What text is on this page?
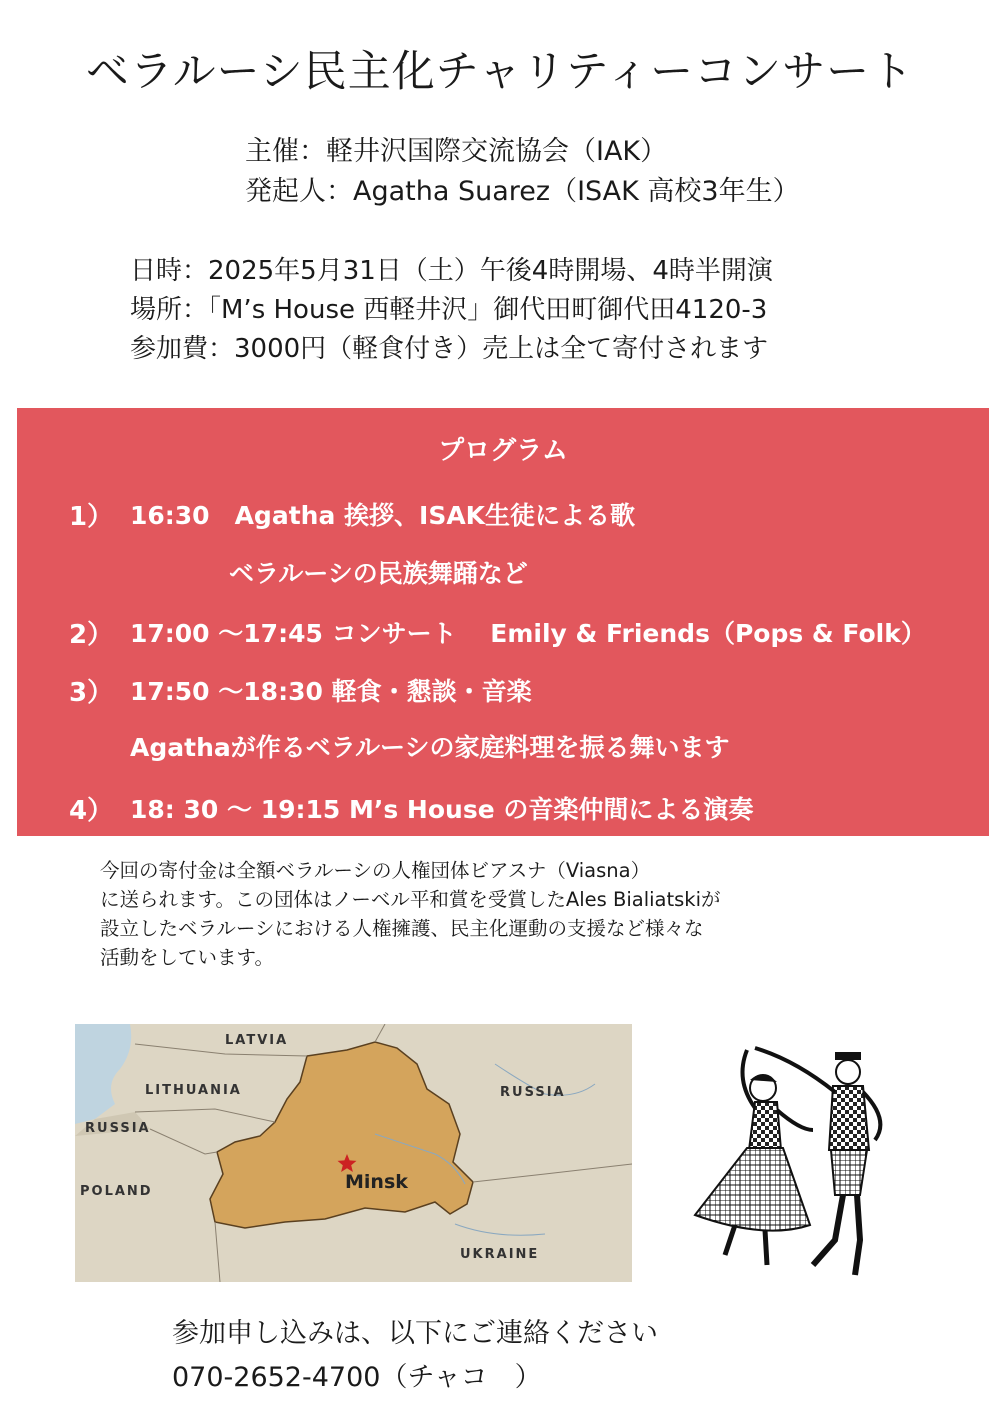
ベラルーシ民主化チャリティーコンサート
主催：軽井沢国際交流協会（IAK）
発起人：Agatha Suarez（ISAK 高校3年生）
日時：2025年5月31日（土）午後4時開場、4時半開演
場所：「M’s House 西軽井沢」御代田町御代田4120-3
参加費：3000円（軽食付き）売上は全て寄付されます
プログラム
1） 16:30　Agatha 挨拶、ISAK生徒による歌
ベラルーシの民族舞踊など
2） 17:00 ～17:45 コンサート　 Emily & Friends（Pops & Folk）
3） 17:50 ～18:30 軽食・懇談・音楽
Agathaが作るベラルーシの家庭料理を振る舞います
4） 18: 30 ～ 19:15 M’s House の音楽仲間による演奏
今回の寄付金は全額ベラルーシの人権団体ビアスナ（Viasna）
に送られます。この団体はノーベル平和賞を受賞したAles Bialiatskiが
設立したベラルーシにおける人権擁護、民主化運動の支援など様々な
活動をしています。
LATVIA
LITHUANIA	RUSSIA
RUSSIA
POLAND
UKRAINE
Minsk
参加申し込みは、以下にご連絡ください
070-2652-4700（チャコ　）
